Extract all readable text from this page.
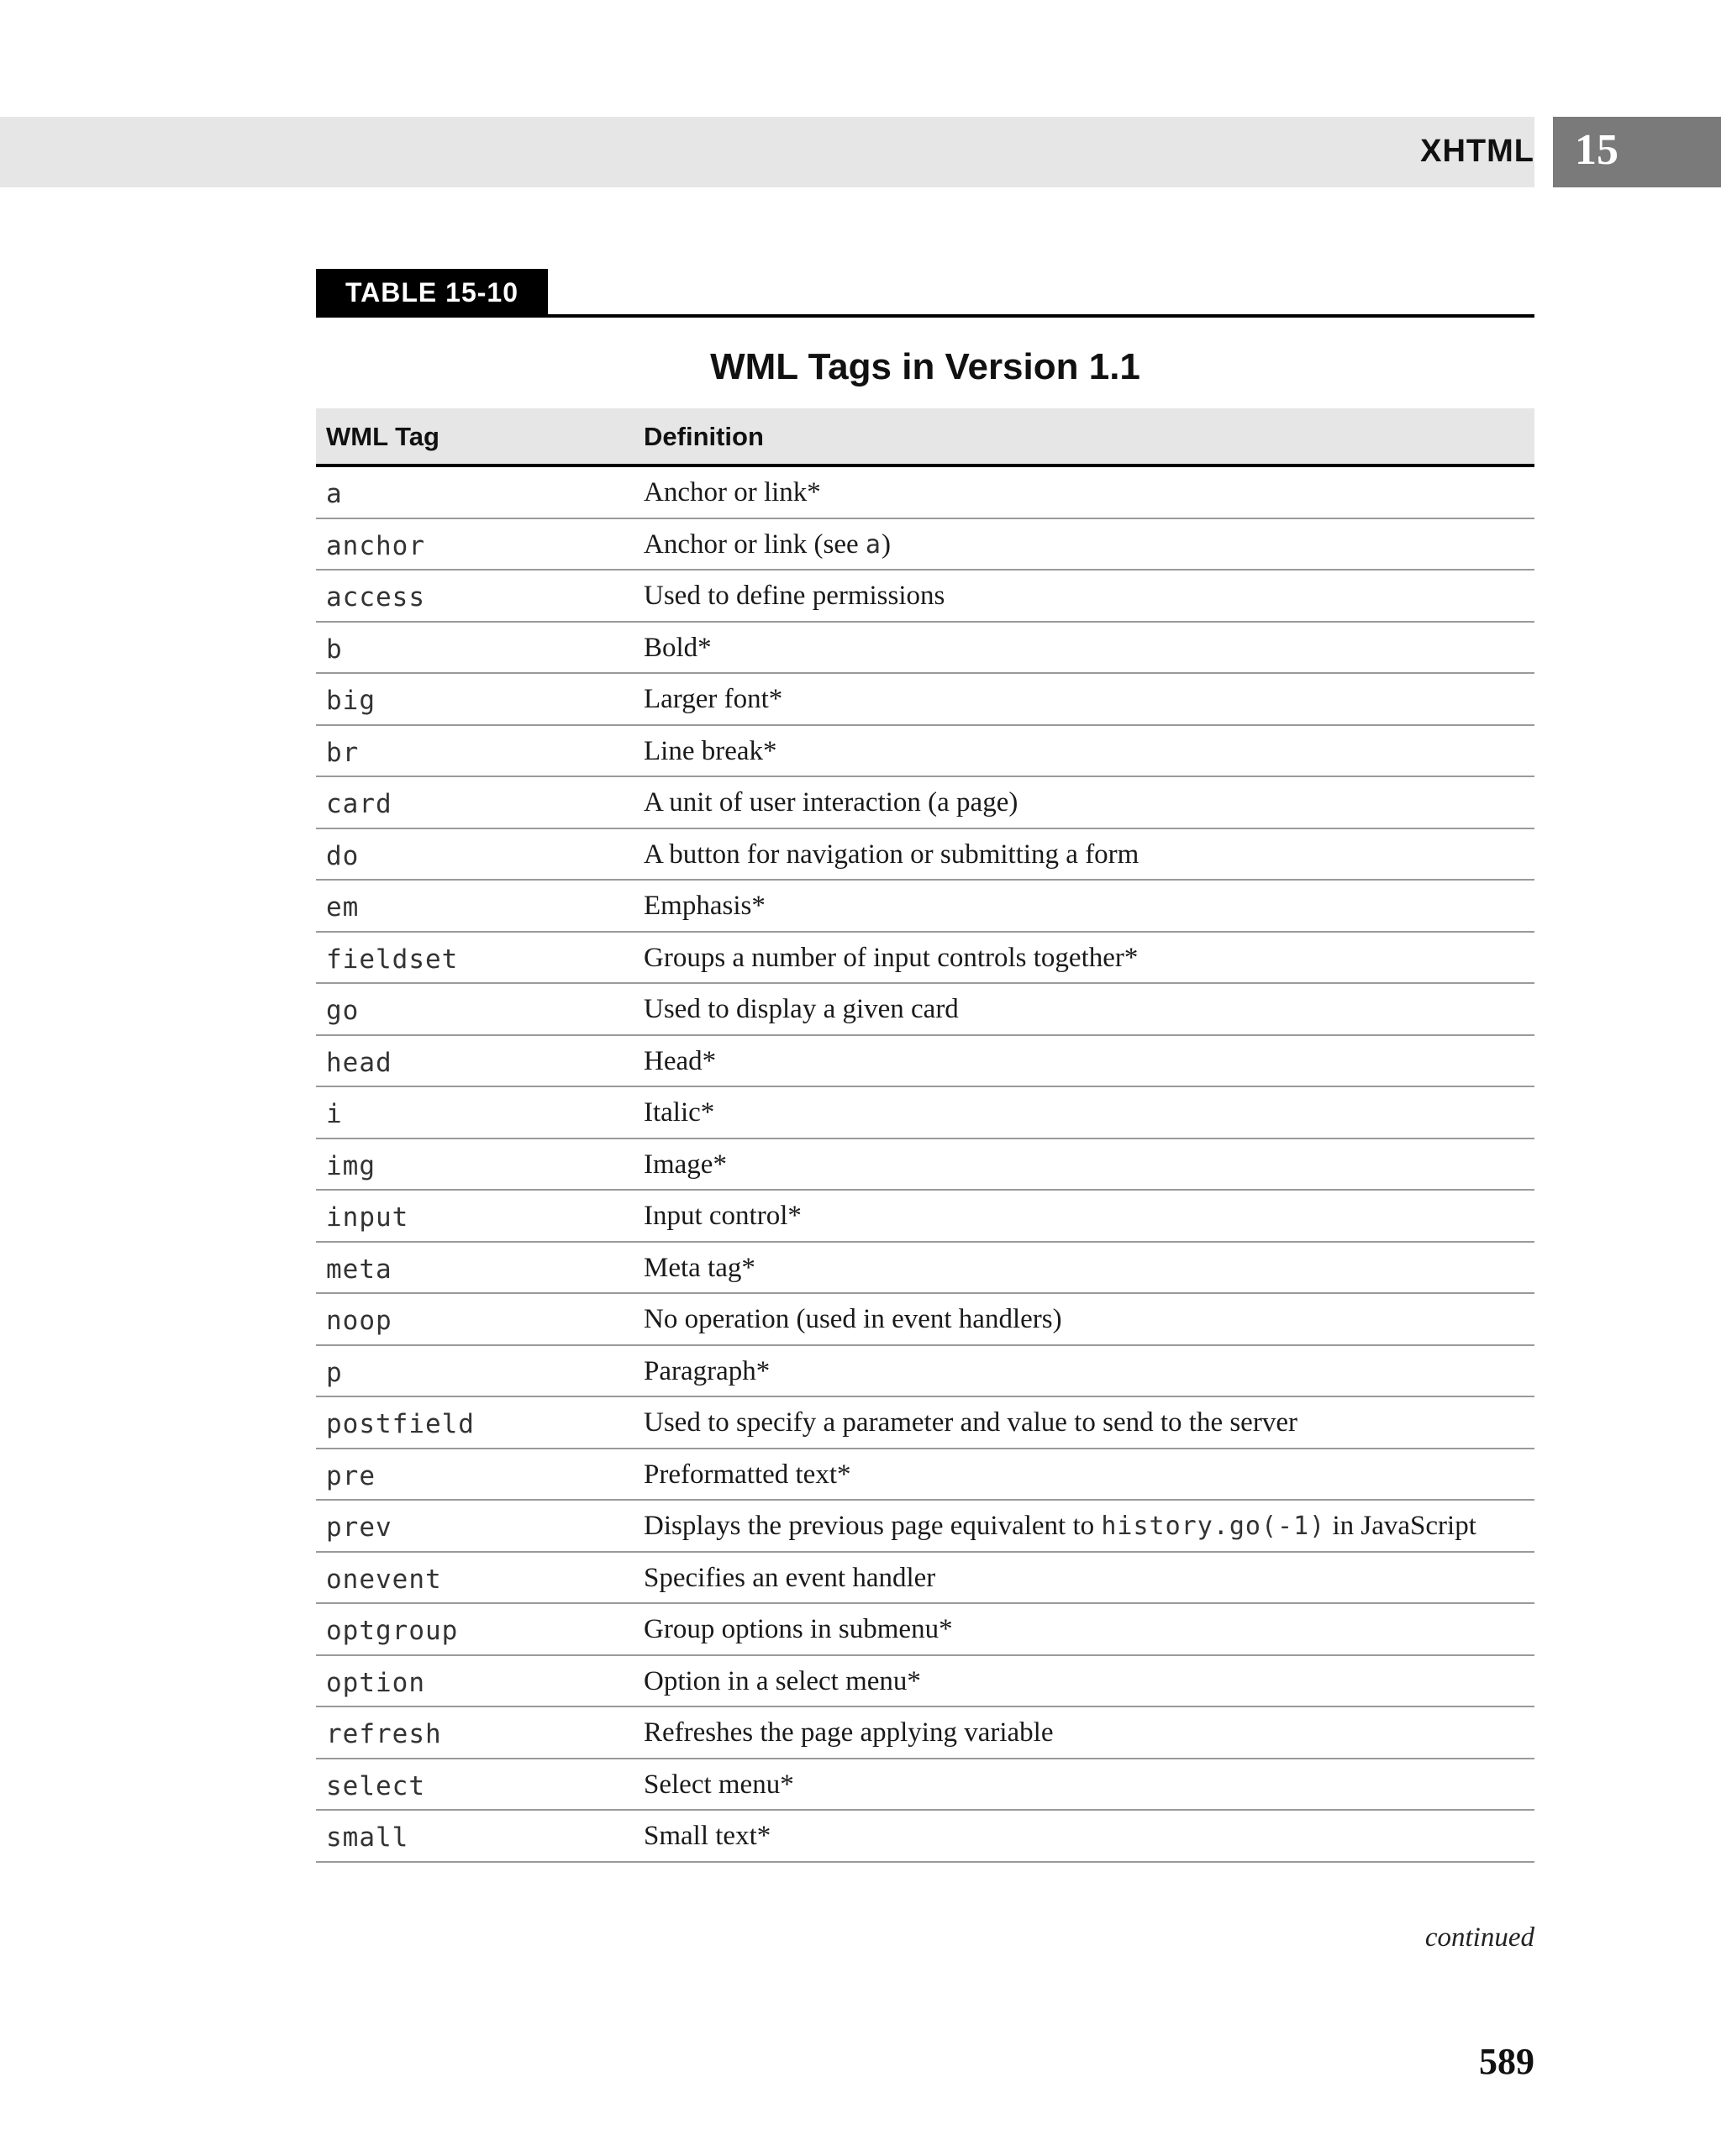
XHTML 15
TABLE 15-10
WML Tags in Version 1.1
WML Tag	Definition
a	Anchor or link*
anchor	Anchor or link (see a)
access	Used to define permissions
b	Bold*
big	Larger font*
br	Line break*
card	A unit of user interaction (a page)
do	A button for navigation or submitting a form
em	Emphasis*
fieldset	Groups a number of input controls together*
go	Used to display a given card
head	Head*
i	Italic*
img	Image*
input	Input control*
meta	Meta tag*
noop	No operation (used in event handlers)
p	Paragraph*
postfield	Used to specify a parameter and value to send to the server
pre	Preformatted text*
prev	Displays the previous page equivalent to history.go(-1) in JavaScript
onevent	Specifies an event handler
optgroup	Group options in submenu*
option	Option in a select menu*
refresh	Refreshes the page applying variable
select	Select menu*
small	Small text*
continued
589
